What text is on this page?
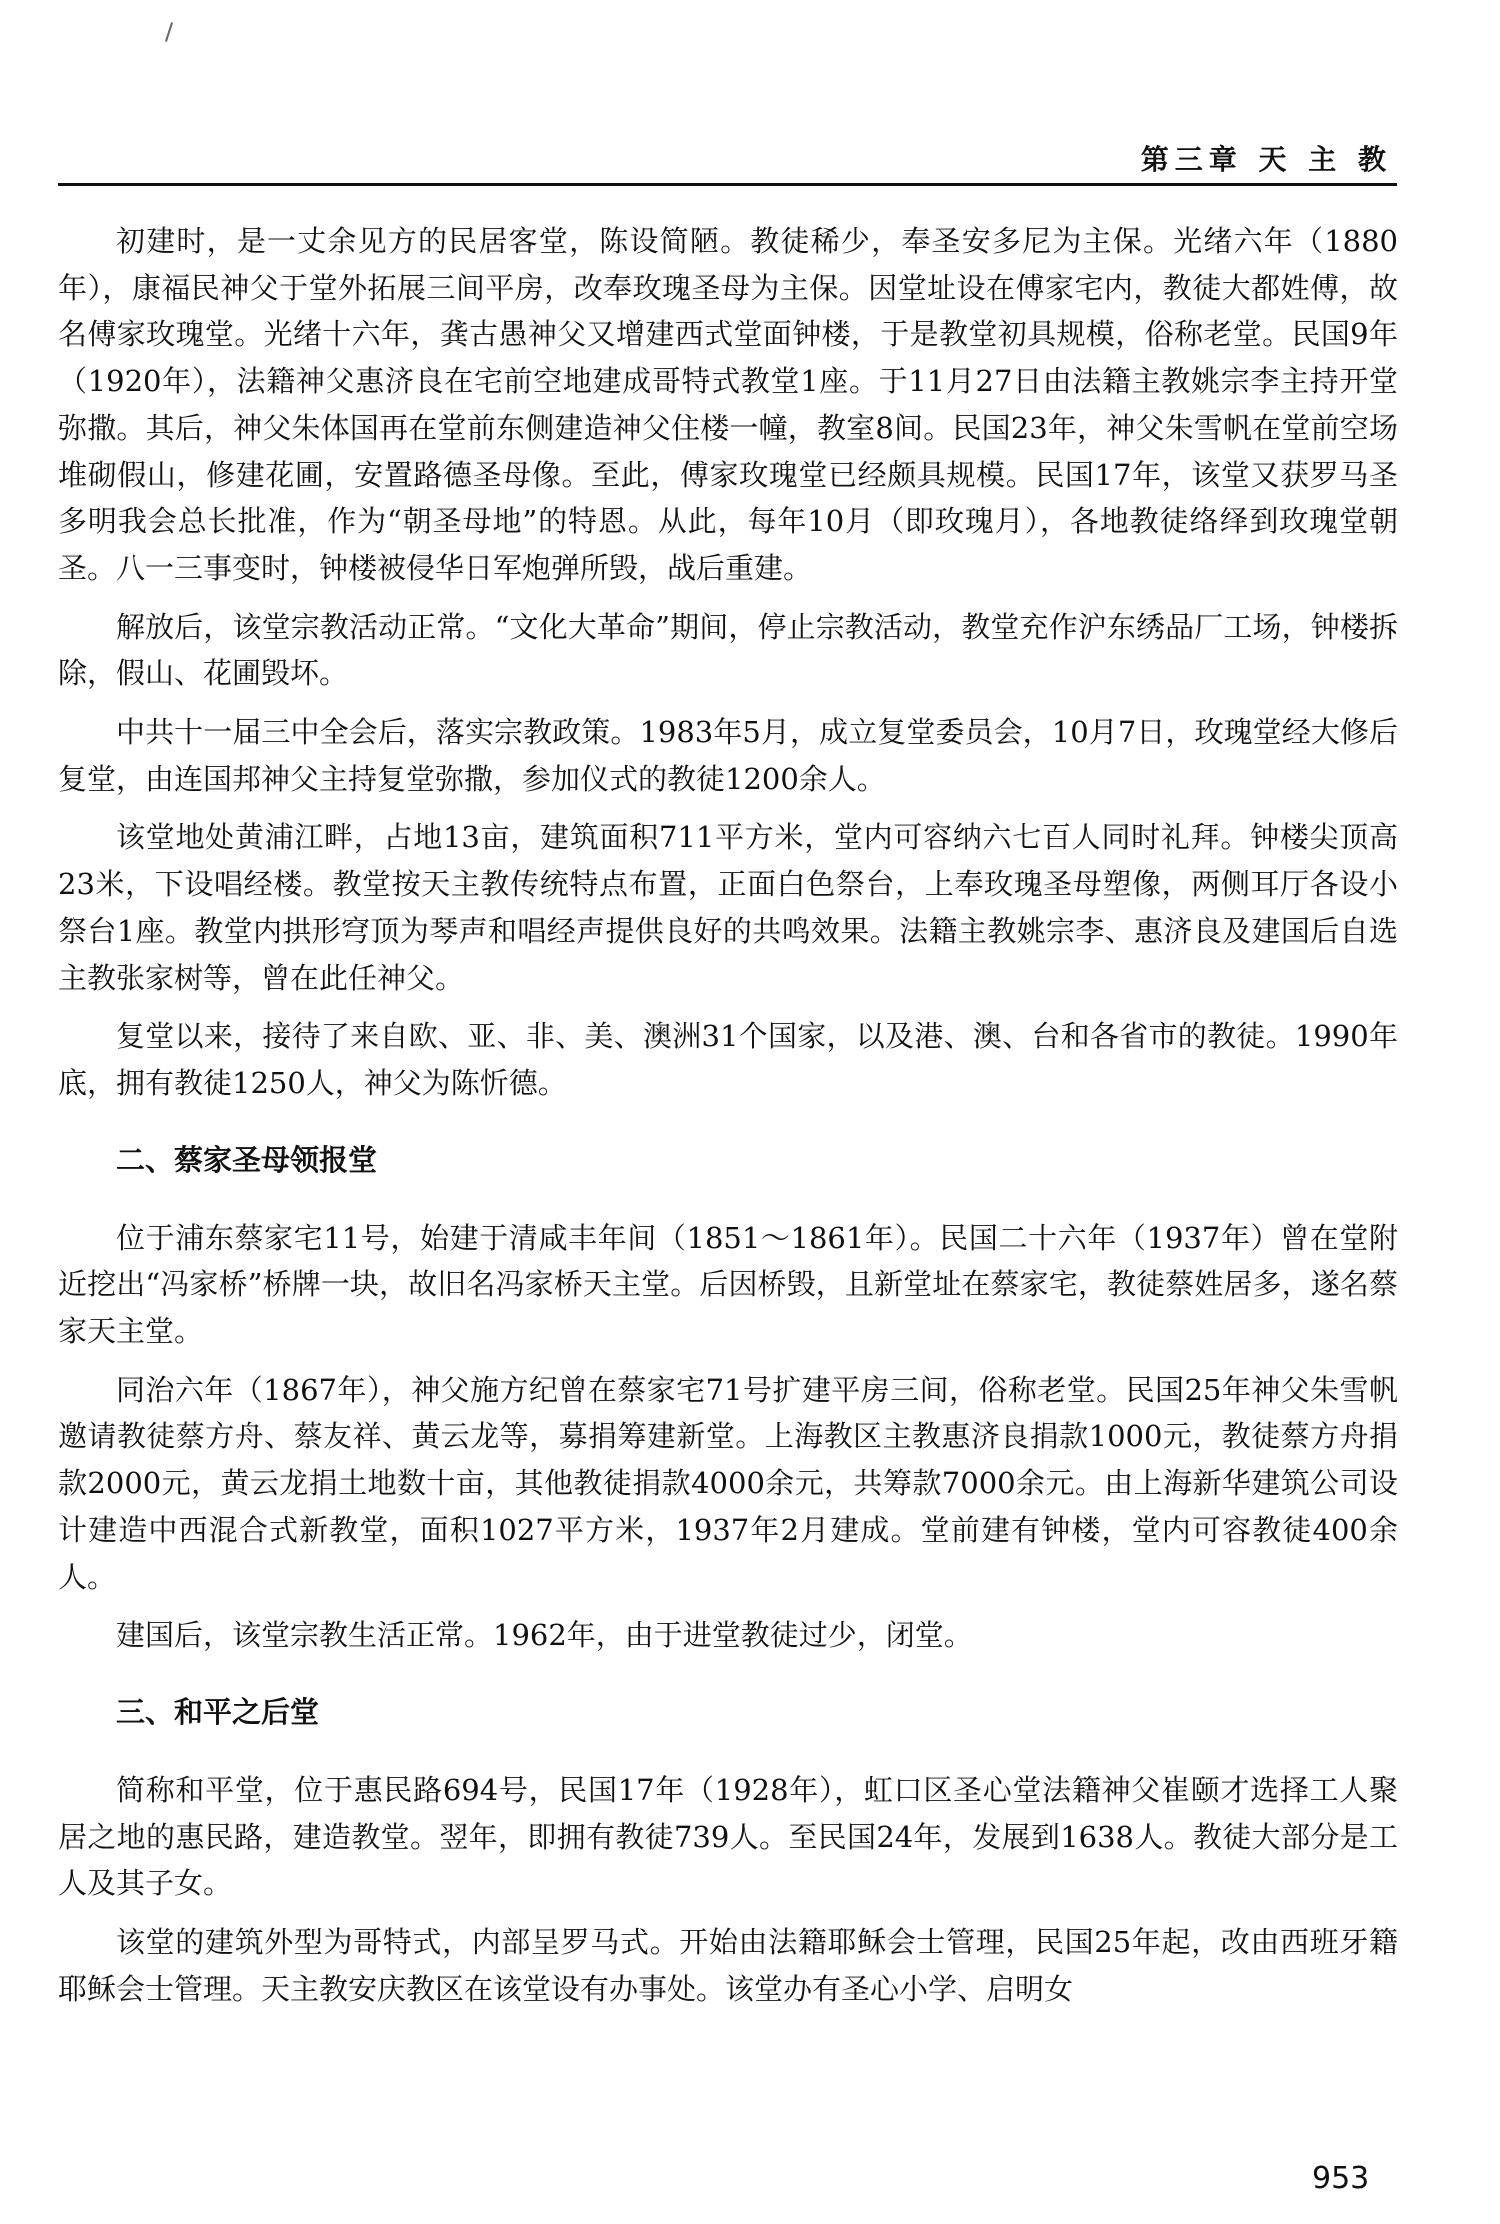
第三章 天 主 教

初建时，是一丈余见方的民居客堂，陈设简陋。教徒稀少，奉圣安多尼为主保。光绪六年（1880年），康福民神父于堂外拓展三间平房，改奉玫瑰圣母为主保。因堂址设在傅家宅内，教徒大都姓傅，故名傅家玫瑰堂。光绪十六年，龚古愚神父又增建西式堂面钟楼，于是教堂初具规模，俗称老堂。民国9年（1920年），法籍神父惠济良在宅前空地建成哥特式教堂1座。于11月27日由法籍主教姚宗李主持开堂弥撒。其后，神父朱体国再在堂前东侧建造神父住楼一幢，教室8间。民国23年，神父朱雪帆在堂前空场堆砌假山，修建花圃，安置路德圣母像。至此，傅家玫瑰堂已经颇具规模。民国17年，该堂又获罗马圣多明我会总长批准，作为“朝圣母地”的特恩。从此，每年10月（即玫瑰月），各地教徒络绎到玫瑰堂朝圣。八一三事变时，钟楼被侵华日军炮弹所毁，战后重建。

解放后，该堂宗教活动正常。“文化大革命”期间，停止宗教活动，教堂充作沪东绣品厂工场，钟楼拆除，假山、花圃毁坏。

中共十一届三中全会后，落实宗教政策。1983年5月，成立复堂委员会，10月7日，玫瑰堂经大修后复堂，由连国邦神父主持复堂弥撒，参加仪式的教徒1200余人。

该堂地处黄浦江畔，占地13亩，建筑面积711平方米，堂内可容纳六七百人同时礼拜。钟楼尖顶高23米，下设唱经楼。教堂按天主教传统特点布置，正面白色祭台，上奉玫瑰圣母塑像，两侧耳厅各设小祭台1座。教堂内拱形穹顶为琴声和唱经声提供良好的共鸣效果。法籍主教姚宗李、惠济良及建国后自选主教张家树等，曾在此任神父。

复堂以来，接待了来自欧、亚、非、美、澳洲31个国家，以及港、澳、台和各省市的教徒。1990年底，拥有教徒1250人，神父为陈忻德。

二、蔡家圣母领报堂

位于浦东蔡家宅11号，始建于清咸丰年间（1851～1861年）。民国二十六年（1937年）曾在堂附近挖出“冯家桥”桥牌一块，故旧名冯家桥天主堂。后因桥毁，且新堂址在蔡家宅，教徒蔡姓居多，遂名蔡家天主堂。

同治六年（1867年），神父施方纪曾在蔡家宅71号扩建平房三间，俗称老堂。民国25年神父朱雪帆邀请教徒蔡方舟、蔡友祥、黄云龙等，募捐筹建新堂。上海教区主教惠济良捐款1000元，教徒蔡方舟捐款2000元，黄云龙捐土地数十亩，其他教徒捐款4000余元，共筹款7000余元。由上海新华建筑公司设计建造中西混合式新教堂，面积1027平方米，1937年2月建成。堂前建有钟楼，堂内可容教徒400余人。

建国后，该堂宗教生活正常。1962年，由于进堂教徒过少，闭堂。

三、和平之后堂

简称和平堂，位于惠民路694号，民国17年（1928年），虹口区圣心堂法籍神父崔颐才选择工人聚居之地的惠民路，建造教堂。翌年，即拥有教徒739人。至民国24年，发展到1638人。教徒大部分是工人及其子女。

该堂的建筑外型为哥特式，内部呈罗马式。开始由法籍耶稣会士管理，民国25年起，改由西班牙籍耶稣会士管理。天主教安庆教区在该堂设有办事处。该堂办有圣心小学、启明女

953
